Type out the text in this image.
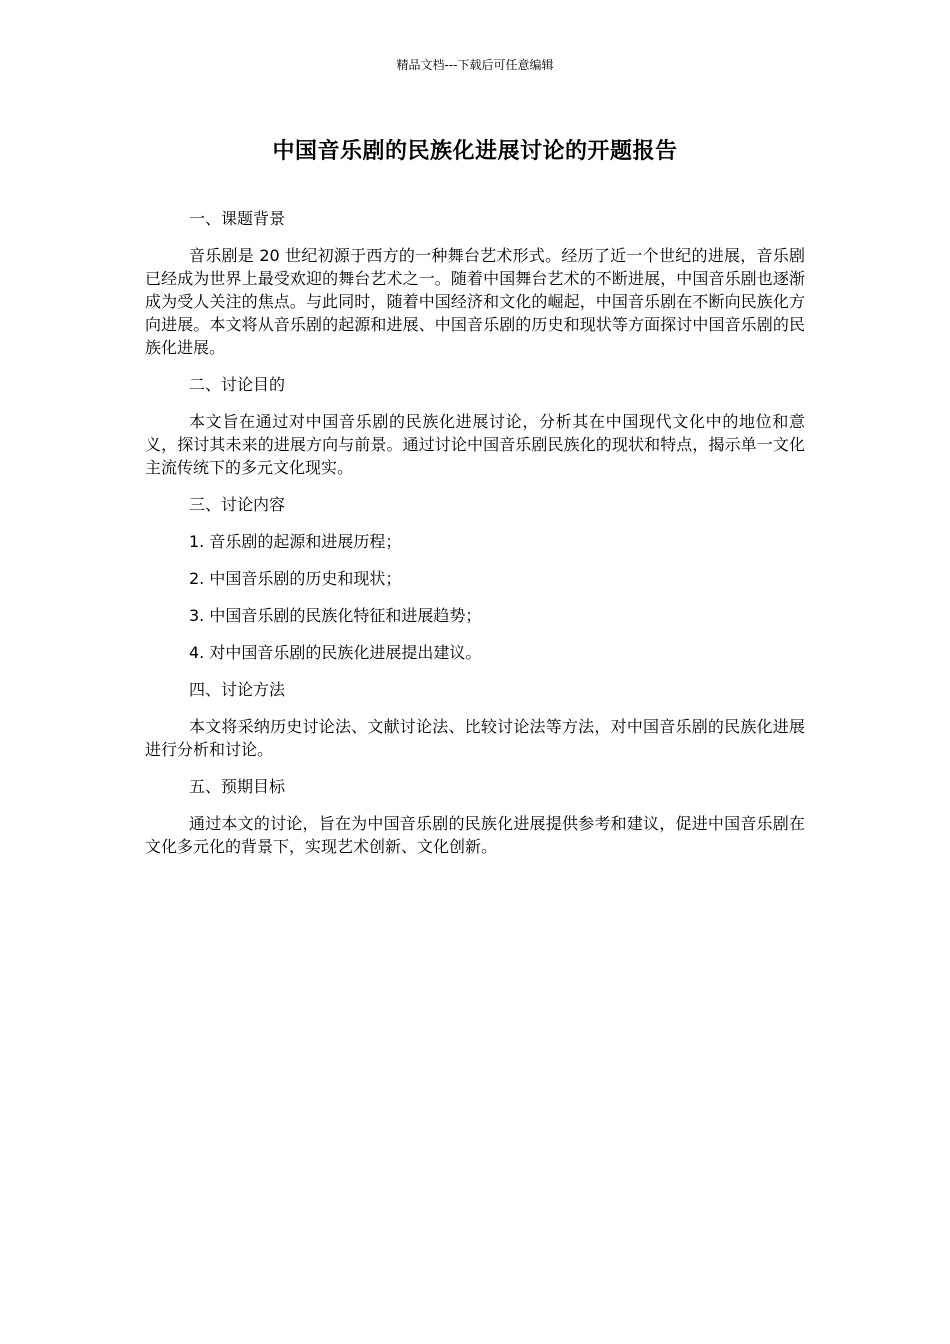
精品文档---下载后可任意编辑
中国音乐剧的民族化进展讨论的开题报告

一、课题背景

音乐剧是 20 世纪初源于西方的一种舞台艺术形式。经历了近一个世纪的进展，音乐剧已经成为世界上最受欢迎的舞台艺术之一。随着中国舞台艺术的不断进展，中国音乐剧也逐渐成为受人关注的焦点。与此同时，随着中国经济和文化的崛起，中国音乐剧在不断向民族化方向进展。本文将从音乐剧的起源和进展、中国音乐剧的历史和现状等方面探讨中国音乐剧的民族化进展。

二、讨论目的

本文旨在通过对中国音乐剧的民族化进展讨论，分析其在中国现代文化中的地位和意义，探讨其未来的进展方向与前景。通过讨论中国音乐剧民族化的现状和特点，揭示单一文化主流传统下的多元文化现实。

三、讨论内容

1. 音乐剧的起源和进展历程；

2. 中国音乐剧的历史和现状；

3. 中国音乐剧的民族化特征和进展趋势；

4. 对中国音乐剧的民族化进展提出建议。

四、讨论方法

本文将采纳历史讨论法、文献讨论法、比较讨论法等方法，对中国音乐剧的民族化进展进行分析和讨论。

五、预期目标

通过本文的讨论，旨在为中国音乐剧的民族化进展提供参考和建议，促进中国音乐剧在文化多元化的背景下，实现艺术创新、文化创新。
